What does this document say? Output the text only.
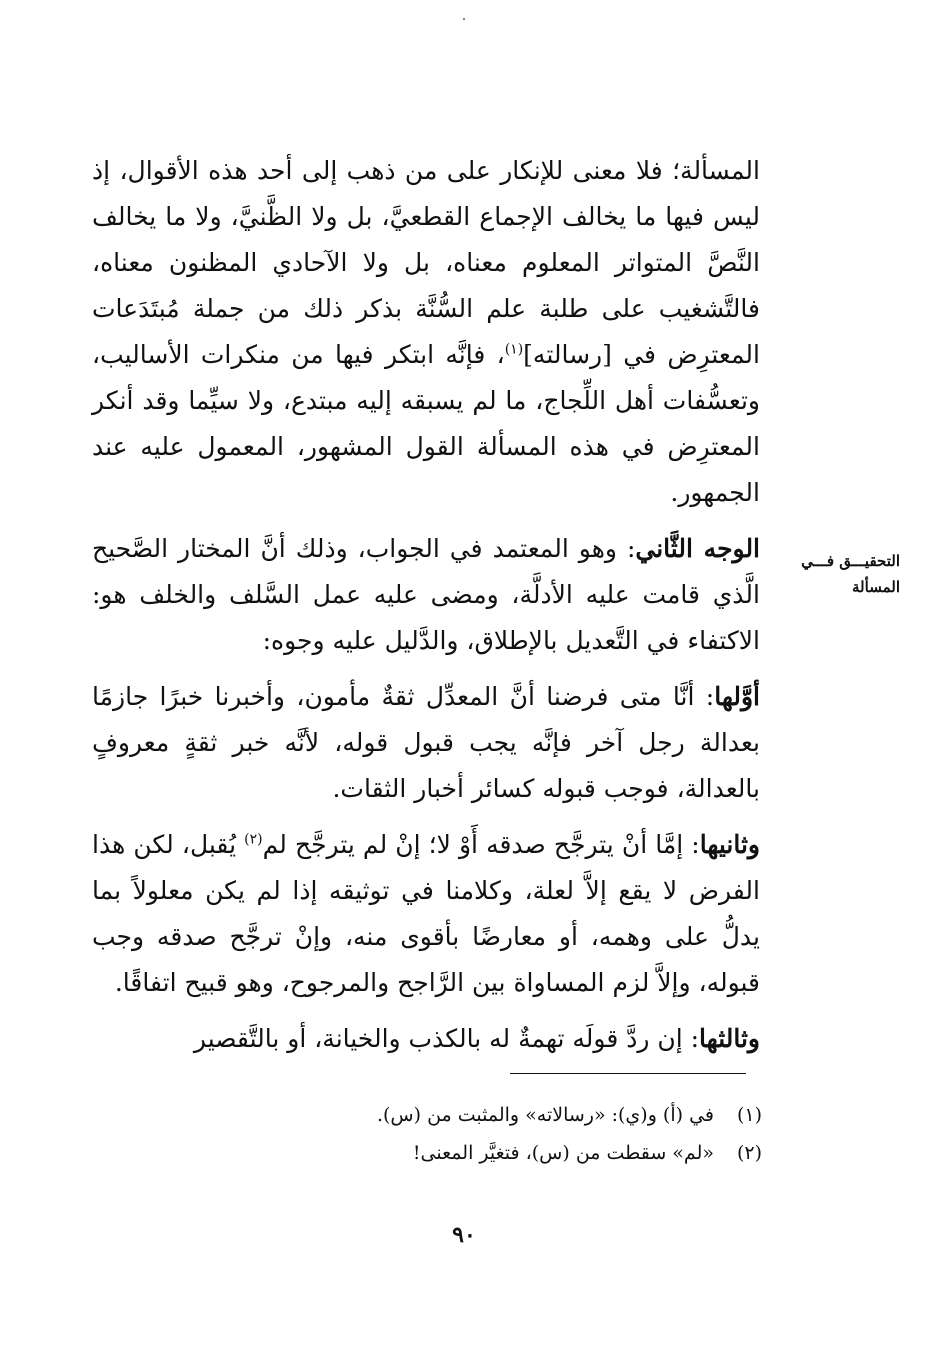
المسألة؛ فلا معنى للإنكار على من ذهب إلى أحد هذه الأقوال، إذ ليس فيها ما يخالف الإجماع القطعيَّ، بل ولا الظَّنيَّ، ولا ما يخالف النَّصَّ المتواتر المعلوم معناه، بل ولا الآحادي المظنون معناه، فالتَّشغيب على طلبة علم السُّنَّة بذكر ذلك من جملة مُبتَدَعات المعترِض في [رسالته]$^{(١)}$، فإنَّه ابتكر فيها من منكرات الأساليب، وتعسُّفات أهل اللِّجاج، ما لم يسبقه إليه مبتدع، ولا سيِّما وقد أنكر المعترِض في هذه المسألة القول المشهور، المعمول عليه عند الجمهور.

الوجه الثَّاني: وهو المعتمد في الجواب، وذلك أنَّ المختار الصَّحيح الَّذي قامت عليه الأدلَّة، ومضى عليه عمل السَّلف والخلف هو: الاكتفاء في التَّعديل بالإطلاق، والدَّليل عليه وجوه:

أوَّلها: أنَّا متى فرضنا أنَّ المعدِّل ثقةٌ مأمون، وأخبرنا خبرًا جازمًا بعدالة رجل آخر فإنَّه يجب قبول قوله، لأنَّه خبر ثقةٍ معروفٍ بالعدالة، فوجب قبوله كسائر أخبار الثقات.

وثانيها: إمَّا أنْ يترجَّح صدقه أَوْ لا؛ إنْ لم يترجَّح لم$^{(٢)}$ يُقبل، لكن هذا الفرض لا يقع إلاَّ لعلة، وكلامنا في توثيقه إذا لم يكن معلولاً بما يدلُّ على وهمه، أو معارضًا بأقوى منه، وإنْ ترجَّح صدقه وجب قبوله، وإلاَّ لزم المساواة بين الرَّاجح والمرجوح، وهو قبيح اتفاقًا.

وثالثها: إن ردَّ قولَه تهمةٌ له بالكذب والخيانة، أو بالتَّقصير

التحقيـــق فـــي المسألة
(١)
في (أ) و(ي): «رسالاته» والمثبت من (س).
(٢)
«لم» سقطت من (س)، فتغيَّر المعنى!
٩٠
